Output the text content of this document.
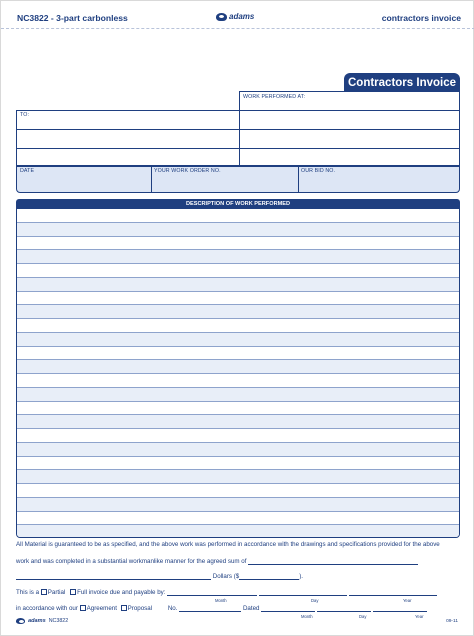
NC3822 - 3-part carbonless	adams	contractors invoice
Contractors Invoice
WORK PERFORMED AT:
TO:
DATE	YOUR WORK ORDER NO.	OUR BID NO.
DESCRIPTION OF WORK PERFORMED
All Material is guaranteed to be as specified, and the above work was performed in accordance with the drawings and specifications provided for the above
work and was completed in a substantial workmanlike manner for the agreed sum of
Dollars ($	).
This is a Partial Full invoice due and payable by:
Month	Day	Year
in accordance with our Agreement Proposal	No.	Dated
Month	Day	Year
adams NC3822	09-11
